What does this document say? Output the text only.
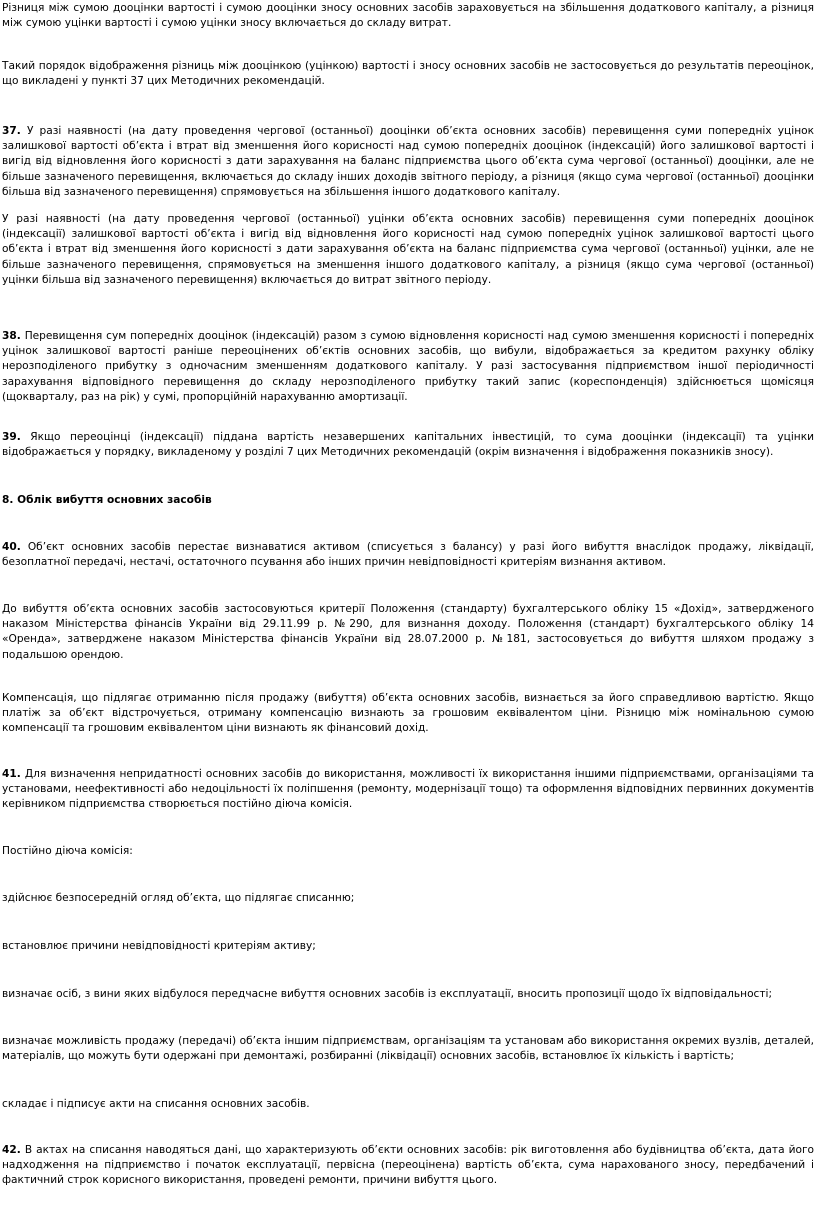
Різниця між сумою дооцінки вартості і сумою дооцінки зносу основних засобів зараховується на збільшення додаткового капіталу, а різниця між сумою уцінки вартості і сумою уцінки зносу включається до складу витрат.

Такий порядок відображення різниць між дооцінкою (уцінкою) вартості і зносу основних засобів не застосовується до результатів переоцінок, що викладені у пункті 37 цих Методичних рекомендацій.

37. У разі наявності (на дату проведення чергової (останньої) дооцінки об’єкта основних засобів) перевищення суми попередніх уцінок залишкової вартості об’єкта і втрат від зменшення його корисності над сумою попередніх дооцінок (індексацій) його залишкової вартості і вигід від відновлення його корисності з дати зарахування на баланс підприємства цього об’єкта сума чергової (останньої) дооцінки, але не більше зазначеного перевищення, включається до складу інших доходів звітного періоду, а різниця (якщо сума чергової (останньої) дооцінки більша від зазначеного перевищення) спрямовується на збільшення іншого додаткового капіталу.

У разі наявності (на дату проведення чергової (останньої) уцінки об’єкта основних засобів) перевищення суми попередніх дооцінок (індексації) залишкової вартості об’єкта і вигід від відновлення його корисності над сумою попередніх уцінок залишкової вартості цього об’єкта і втрат від зменшення його корисності з дати зарахування об’єкта на баланс підприємства сума чергової (останньої) уцінки, але не більше зазначеного перевищення, спрямовується на зменшення іншого додаткового капіталу, а різниця (якщо сума чергової (останньої) уцінки більша від зазначеного перевищення) включається до витрат звітного періоду.

38. Перевищення сум попередніх дооцінок (індексацій) разом з сумою відновлення корисності над сумою зменшення корисності і попередніх уцінок залишкової вартості раніше переоцінених об’єктів основних засобів, що вибули, відображається за кредитом рахунку обліку нерозподіленого прибутку з одночасним зменшенням додаткового капіталу. У разі застосування підприємством іншої періодичності зарахування відповідного перевищення до складу нерозподіленого прибутку такий запис (кореспонденція) здійснюється щомісяця (щокварталу, раз на рік) у сумі, пропорційній нарахуванню амортизації.

39. Якщо переоцінці (індексації) піддана вартість незавершених капітальних інвестицій, то сума дооцінки (індексації) та уцінки відображається у порядку, викладеному у розділі 7 цих Методичних рекомендацій (окрім визначення і відображення показників зносу).

8. Облік вибуття основних засобів

40. Об’єкт основних засобів перестає визнаватися активом (списується з балансу) у разі його вибуття внаслідок продажу, ліквідації, безоплатної передачі, нестачі, остаточного псування або інших причин невідповідності критеріям визнання активом.

До вибуття об’єкта основних засобів застосовуються критерії Положення (стандарту) бухгалтерського обліку 15 «Дохід», затвердженого наказом Міністерства фінансів України від 29.11.99 р. №290, для визнання доходу. Положення (стандарт) бухгалтерського обліку 14 «Оренда», затверджене наказом Міністерства фінансів України від 28.07.2000 р. №181, застосовується до вибуття шляхом продажу з подальшою орендою.

Компенсація, що підлягає отриманню після продажу (вибуття) об’єкта основних засобів, визнається за його справедливою вартістю. Якщо платіж за об’єкт відстрочується, отриману компенсацію визнають за грошовим еквівалентом ціни. Різницю між номінальною сумою компенсації та грошовим еквівалентом ціни визнають як фінансовий дохід.

41. Для визначення непридатності основних засобів до використання, можливості їх використання іншими підприємствами, організаціями та установами, неефективності або недоцільності їх поліпшення (ремонту, модернізації тощо) та оформлення відповідних первинних документів керівником підприємства створюється постійно діюча комісія.

Постійно діюча комісія:

здійснює безпосередній огляд об’єкта, що підлягає списанню;

встановлює причини невідповідності критеріям активу;

визначає осіб, з вини яких відбулося передчасне вибуття основних засобів із експлуатації, вносить пропозиції щодо їх відповідальності;

визначає можливість продажу (передачі) об’єкта іншим підприємствам, організаціям та установам або використання окремих вузлів, деталей, матеріалів, що можуть бути одержані при демонтажі, розбиранні (ліквідації) основних засобів, встановлює їх кількість і вартість;

складає і підписує акти на списання основних засобів.

42. В актах на списання наводяться дані, що характеризують об’єкти основних засобів: рік виготовлення або будівництва об’єкта, дата його надходження на підприємство і початок експлуатації, первісна (переоцінена) вартість об’єкта, сума нарахованого зносу, передбачений і фактичний строк корисного використання, проведені ремонти, причини вибуття цього.
